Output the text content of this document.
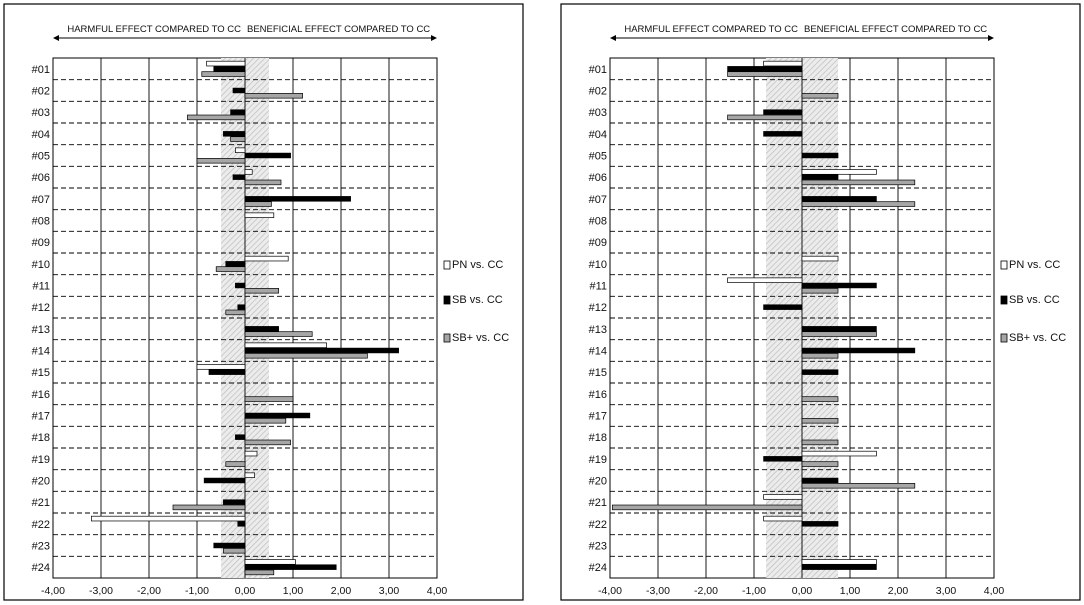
HARMFUL EFFECT COMPARED TO CC BENEFICIAL EFFECT COMPARED TO CC
#01
#02
#03
#04
#05
#06
#07
#08
#09
#10
#11
#12
#13
#14
#15
#16
#17
#18
#19
#20
#21
#22
#23
#24
-4,00 -3,00 -2,00 -1,00 0,00	1,00	2,00	3,00	4,00
PN vs. CC
SB vs. CC
SB+ vs. CC
HARMFUL EFFECT COMPARED TO CC BENEFICIAL EFFECT COMPARED TO CC
#01
#02
#03
#04
#05
#06
#07
#08
#09
#10
#11
#12
#13
#14
#15
#16
#17
#18
#19
#20
#21
#22
#23
#24
-4,00 -3,00 -2,00 -1,00 0,00	1,00	2,00	3,00	4,00
PN vs. CC
SB vs. CC
SB+ vs. CC
